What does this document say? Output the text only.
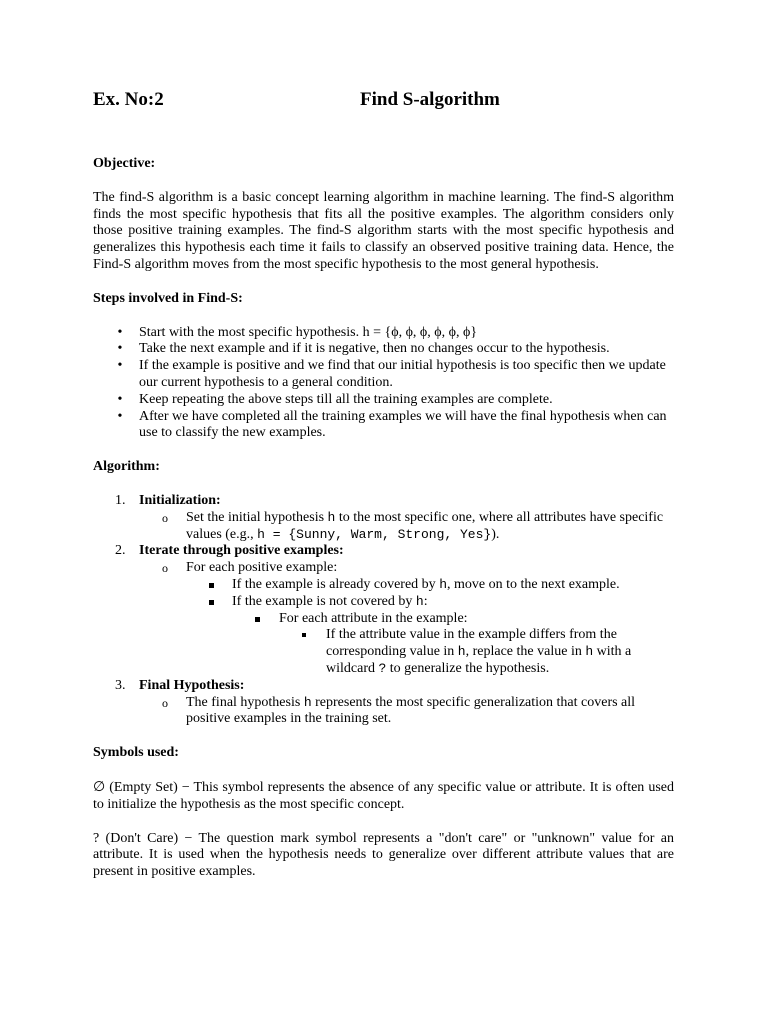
Ex. No:2	Find S-algorithm

Objective:

The find-S algorithm is a basic concept learning algorithm in machine learning. The find-S algorithm finds the most specific hypothesis that fits all the positive examples. The algorithm considers only those positive training examples. The find-S algorithm starts with the most specific hypothesis and generalizes this hypothesis each time it fails to classify an observed positive training data. Hence, the Find-S algorithm moves from the most specific hypothesis to the most general hypothesis.

Steps involved in Find-S:

• Start with the most specific hypothesis. h = {ϕ, ϕ, ϕ, ϕ, ϕ, ϕ}
• Take the next example and if it is negative, then no changes occur to the hypothesis.
• If the example is positive and we find that our initial hypothesis is too specific then we update our current hypothesis to a general condition.
• Keep repeating the above steps till all the training examples are complete.
• After we have completed all the training examples we will have the final hypothesis when can use to classify the new examples.

Algorithm:

1. Initialization:
o Set the initial hypothesis h to the most specific one, where all attributes have specific values (e.g., h = {Sunny, Warm, Strong, Yes}).
2. Iterate through positive examples:
o For each positive example:
If the example is already covered by h, move on to the next example.
If the example is not covered by h:
For each attribute in the example:
If the attribute value in the example differs from the corresponding value in h, replace the value in h with a wildcard ? to generalize the hypothesis.
3. Final Hypothesis:
o The final hypothesis h represents the most specific generalization that covers all positive examples in the training set.

Symbols used:

∅ (Empty Set) − This symbol represents the absence of any specific value or attribute. It is often used to initialize the hypothesis as the most specific concept.

? (Don't Care) − The question mark symbol represents a "don't care" or "unknown" value for an attribute. It is used when the hypothesis needs to generalize over different attribute values that are present in positive examples.
